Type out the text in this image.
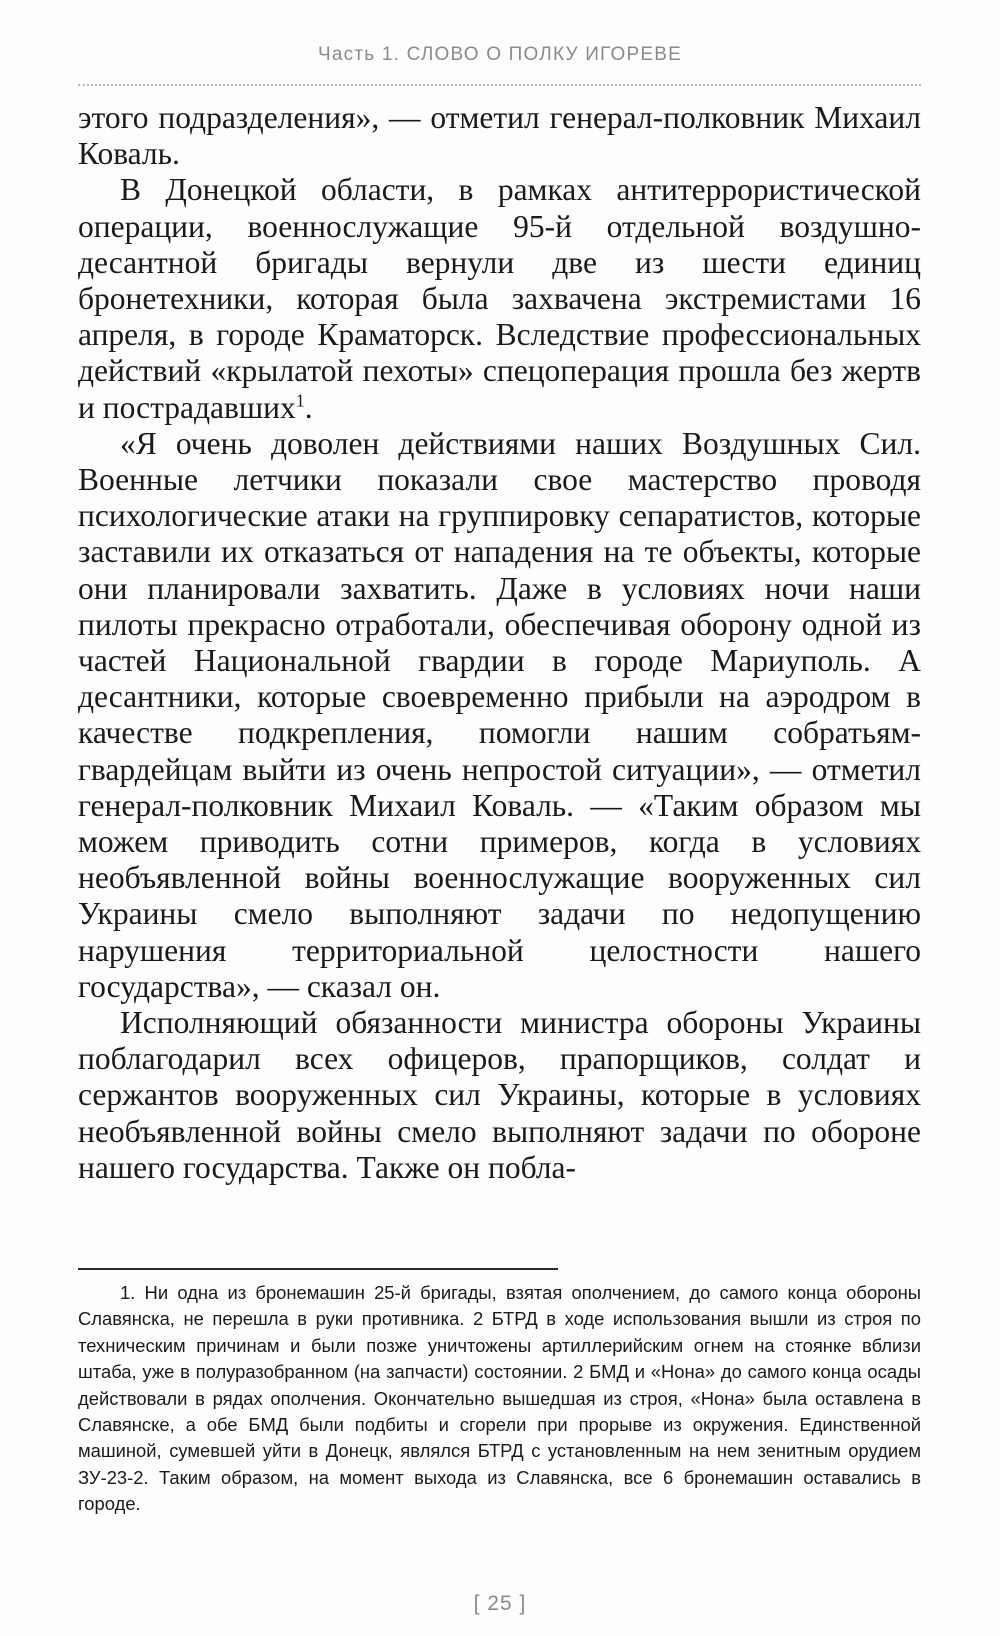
Часть 1. СЛОВО О ПОЛКУ ИГОРЕВЕ

этого подразделения», — отметил генерал-полковник Михаил Коваль.

В Донецкой области, в рамках антитеррористической операции, военнослужащие 95-й отдельной воздушно-десантной бригады вернули две из шести единиц бронетехники, которая была захвачена экстремистами 16 апреля, в городе Краматорск. Вследствие профессиональных действий «крылатой пехоты» спецоперация прошла без жертв и пострадавших$^1$.

«Я очень доволен действиями наших Воздушных Сил. Военные летчики показали свое мастерство проводя психологические атаки на группировку сепаратистов, которые заставили их отказаться от нападения на те объекты, которые они планировали захватить. Даже в условиях ночи наши пилоты прекрасно отработали, обеспечивая оборону одной из частей Национальной гвардии в городе Мариуполь. А десантники, которые своевременно прибыли на аэродром в качестве подкрепления, помогли нашим собратьям-гвардейцам выйти из очень непростой ситуации», — отметил генерал-полковник Михаил Коваль. — «Таким образом мы можем приводить сотни примеров, когда в условиях необъявленной войны военнослужащие вооруженных сил Украины смело выполняют задачи по недопущению нарушения территориальной целостности нашего государства», — сказал он.

Исполняющий обязанности министра обороны Украины поблагодарил всех офицеров, прапорщиков, солдат и сержантов вооруженных сил Украины, которые в условиях необъявленной войны смело выполняют задачи по обороне нашего государства. Также он побла-

1. Ни одна из бронемашин 25-й бригады, взятая ополчением, до самого конца обороны Славянска, не перешла в руки противника. 2 БТРД в ходе использования вышли из строя по техническим причинам и были позже уничтожены артиллерийским огнем на стоянке вблизи штаба, уже в полуразобранном (на запчасти) состоянии. 2 БМД и «Нона» до самого конца осады действовали в рядах ополчения. Окончательно вышедшая из строя, «Нона» была оставлена в Славянске, а обе БМД были подбиты и сгорели при прорыве из окружения. Единственной машиной, сумевшей уйти в Донецк, являлся БТРД с установленным на нем зенитным орудием ЗУ-23-2. Таким образом, на момент выхода из Славянска, все 6 бронемашин оставались в городе.

[ 25 ]
